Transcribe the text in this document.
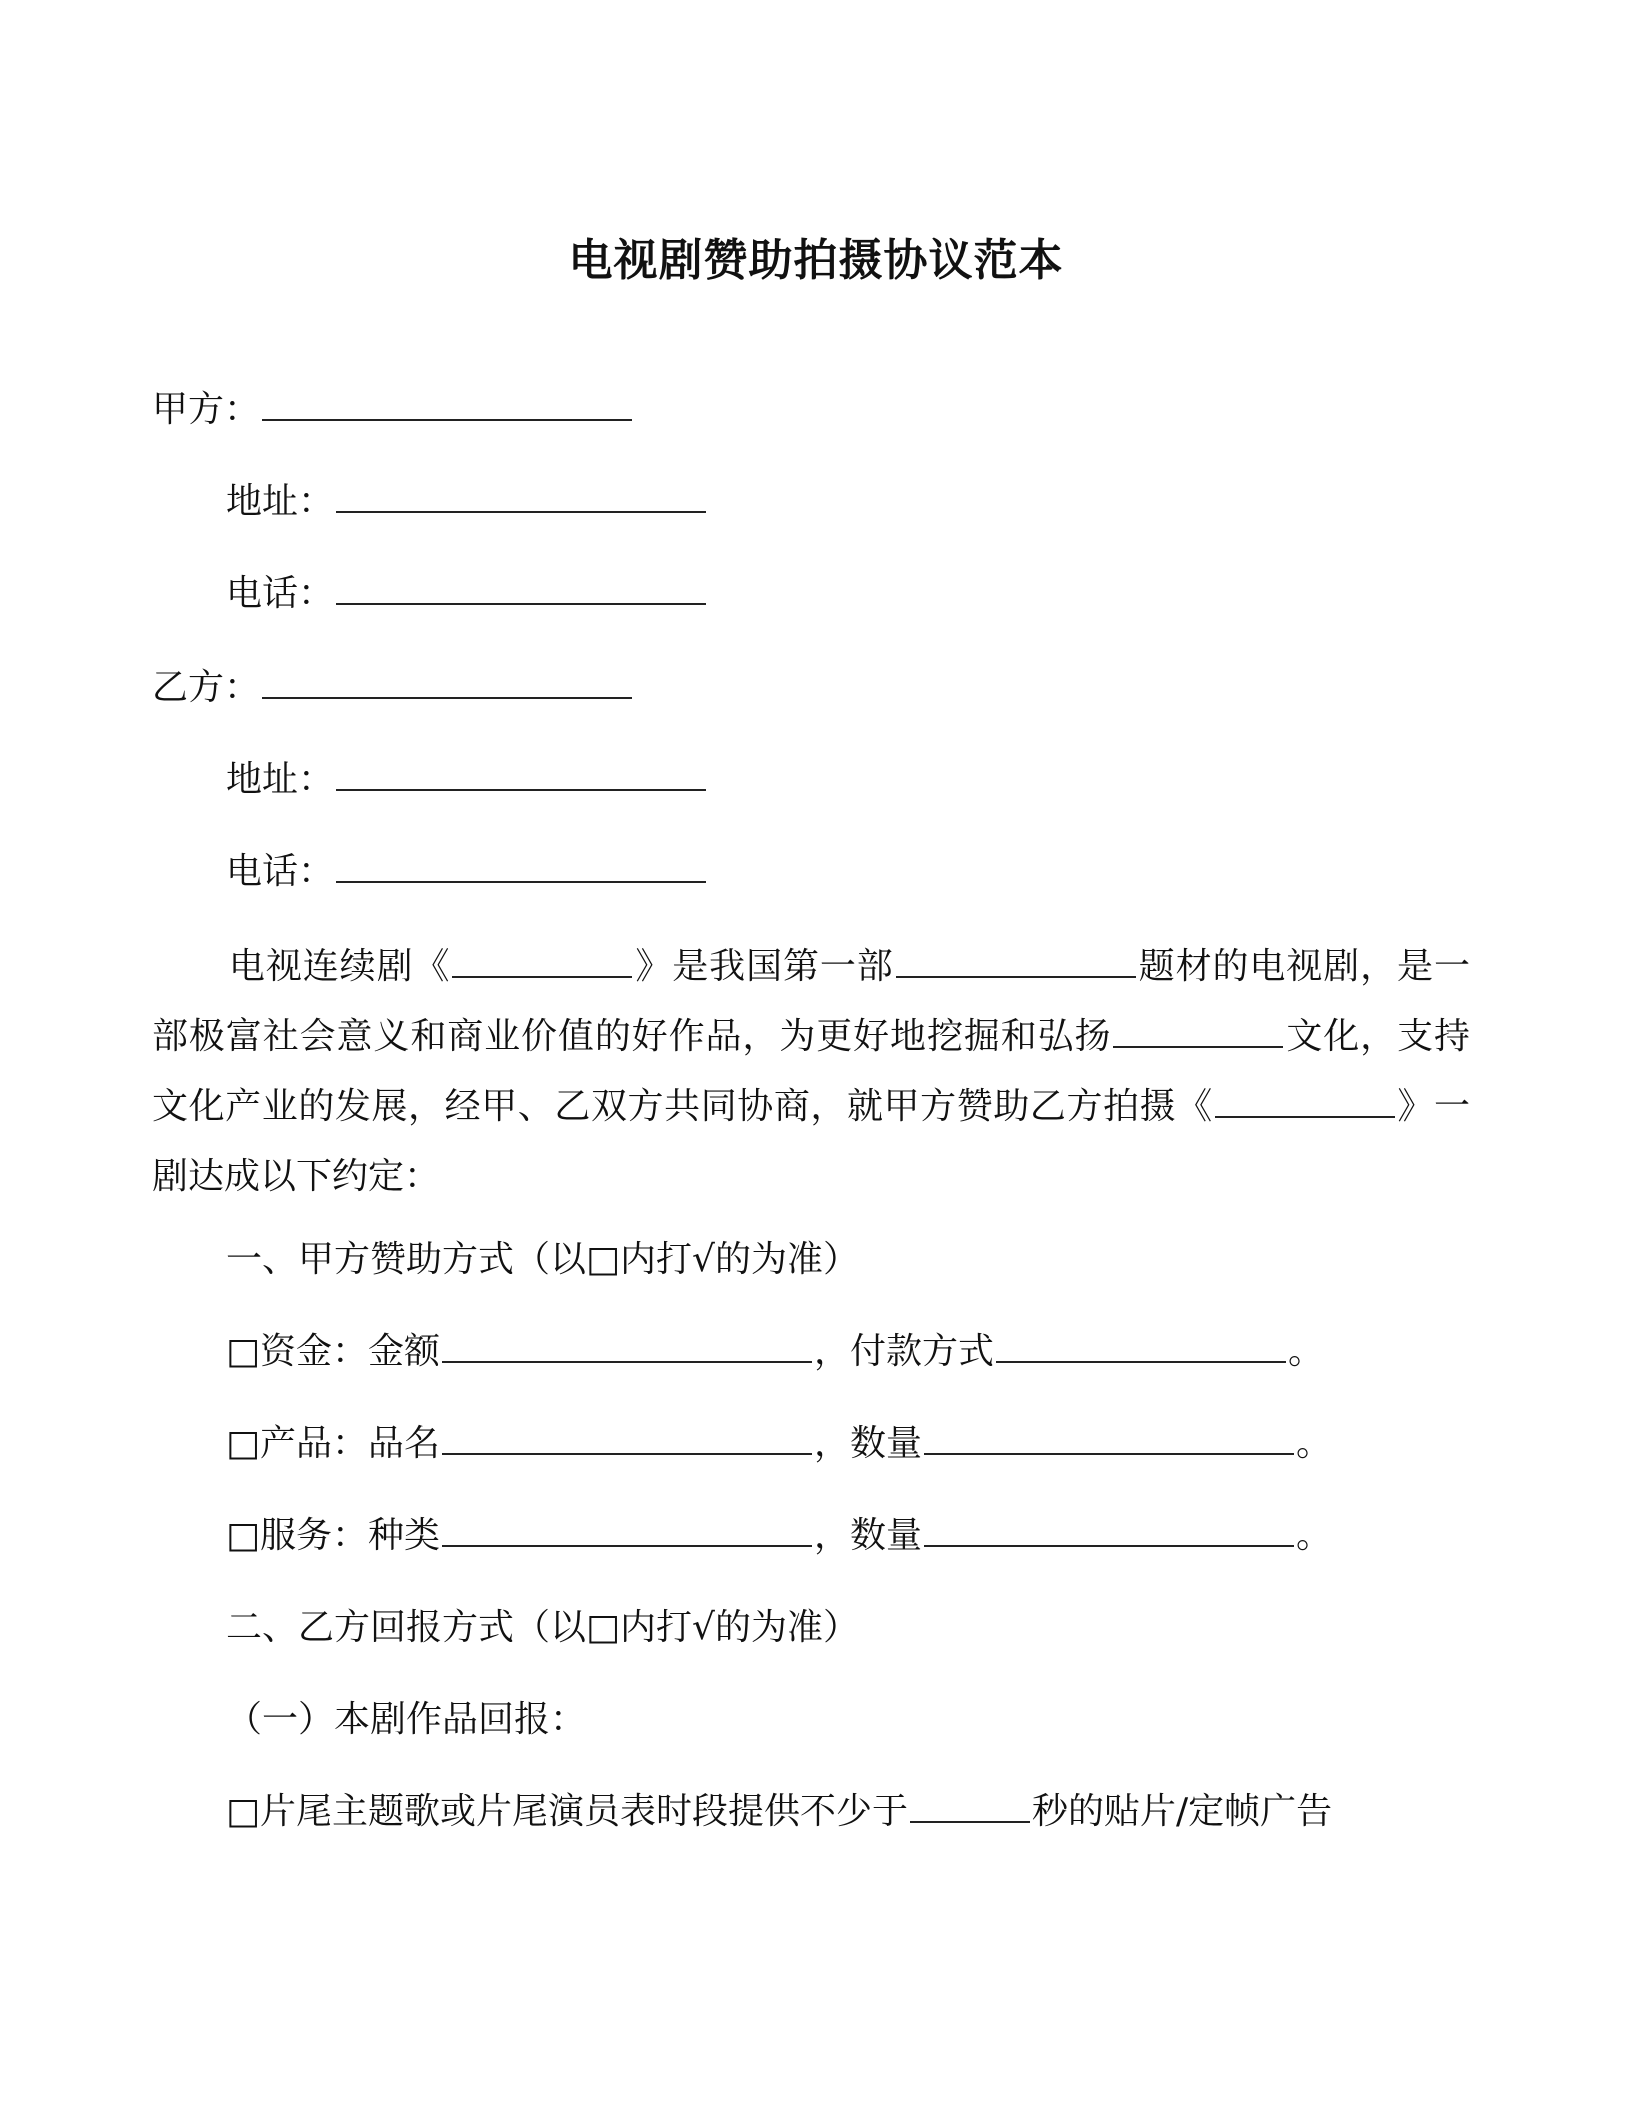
电视剧赞助拍摄协议范本
甲方：
地址：
电话：
乙方：
地址：
电话：
电视连续剧《	》是我国第一部	题材的电视剧，是一部极富社会意义和商业价值的好作品，为更好地挖掘和弘扬	文化，支持文化产业的发展，经甲、乙双方共同协商，就甲方赞助乙方拍摄《	》一剧达成以下约定：
一、甲方赞助方式（以□内打√的为准）
□资金：金额	，付款方式	。
□产品：品名	，数量	。
□服务：种类	，数量	。
二、乙方回报方式（以□内打√的为准）
（一）本剧作品回报：
□片尾主题歌或片尾演员表时段提供不少于	秒的贴片/定帧广告
